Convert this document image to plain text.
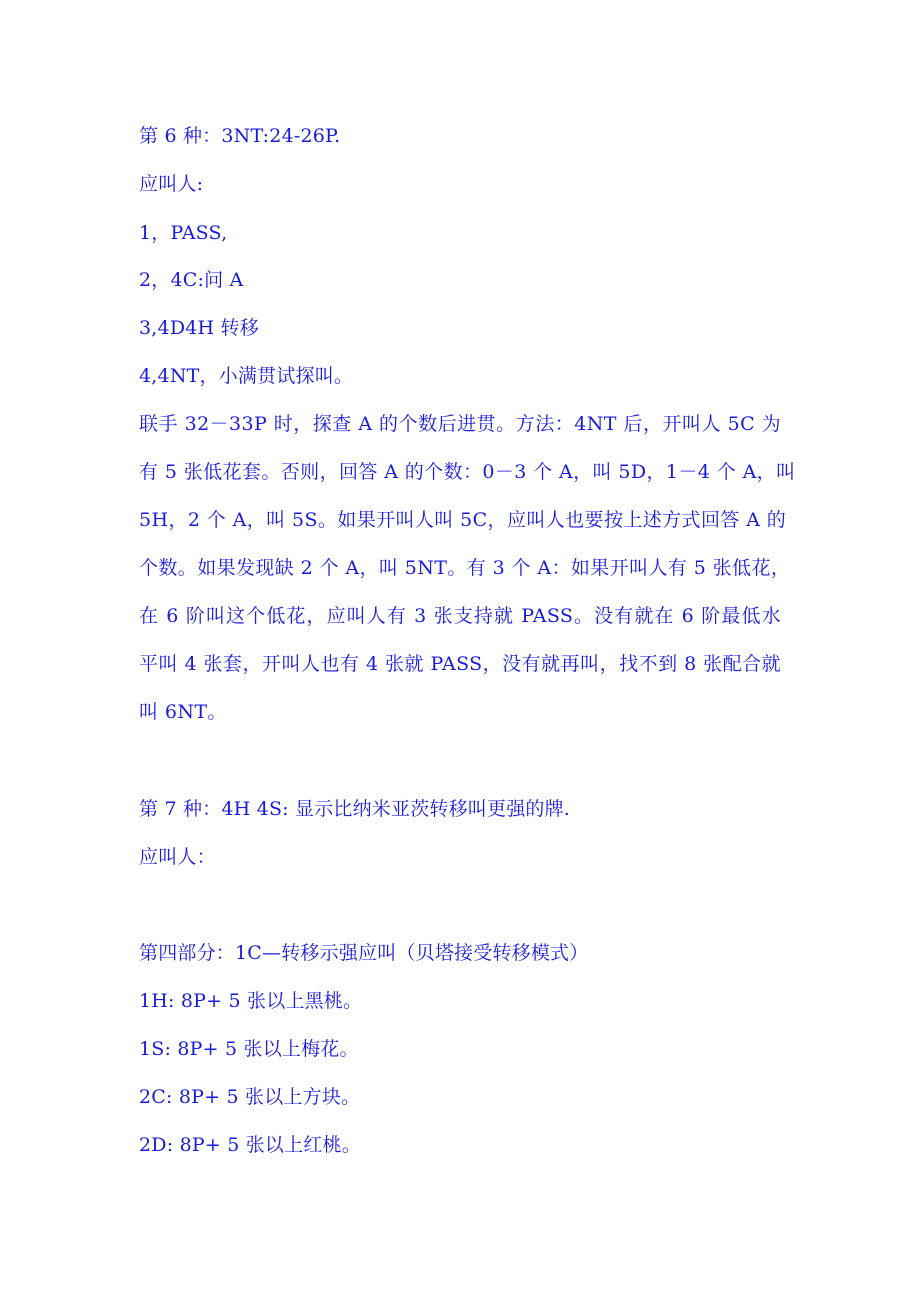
第 6 种：3NT:24-26P.
应叫人:
1，PASS,
2，4C:问 A
3,4D4H 转移
4,4NT，小满贯试探叫。
联手 32－33P 时，探查 A 的个数后进贯。方法：4NT 后，开叫人 5C 为
有 5 张低花套。否则，回答 A 的个数：0－3 个 A，叫 5D，1－4 个 A，叫
5H，2 个 A，叫 5S。如果开叫人叫 5C，应叫人也要按上述方式回答 A 的
个数。如果发现缺 2 个 A，叫 5NT。有 3 个 A：如果开叫人有 5 张低花，
在 6 阶叫这个低花，应叫人有 3 张支持就 PASS。没有就在 6 阶最低水
平叫 4 张套，开叫人也有 4 张就 PASS，没有就再叫，找不到 8 张配合就
叫 6NT。
第 7 种：4H 4S: 显示比纳米亚茨转移叫更强的牌.
应叫人：
第四部分：1C—转移示强应叫（贝塔接受转移模式）
1H: 8P+ 5 张以上黑桃。
1S: 8P+ 5 张以上梅花。
2C: 8P+ 5 张以上方块。
2D: 8P+ 5 张以上红桃。
